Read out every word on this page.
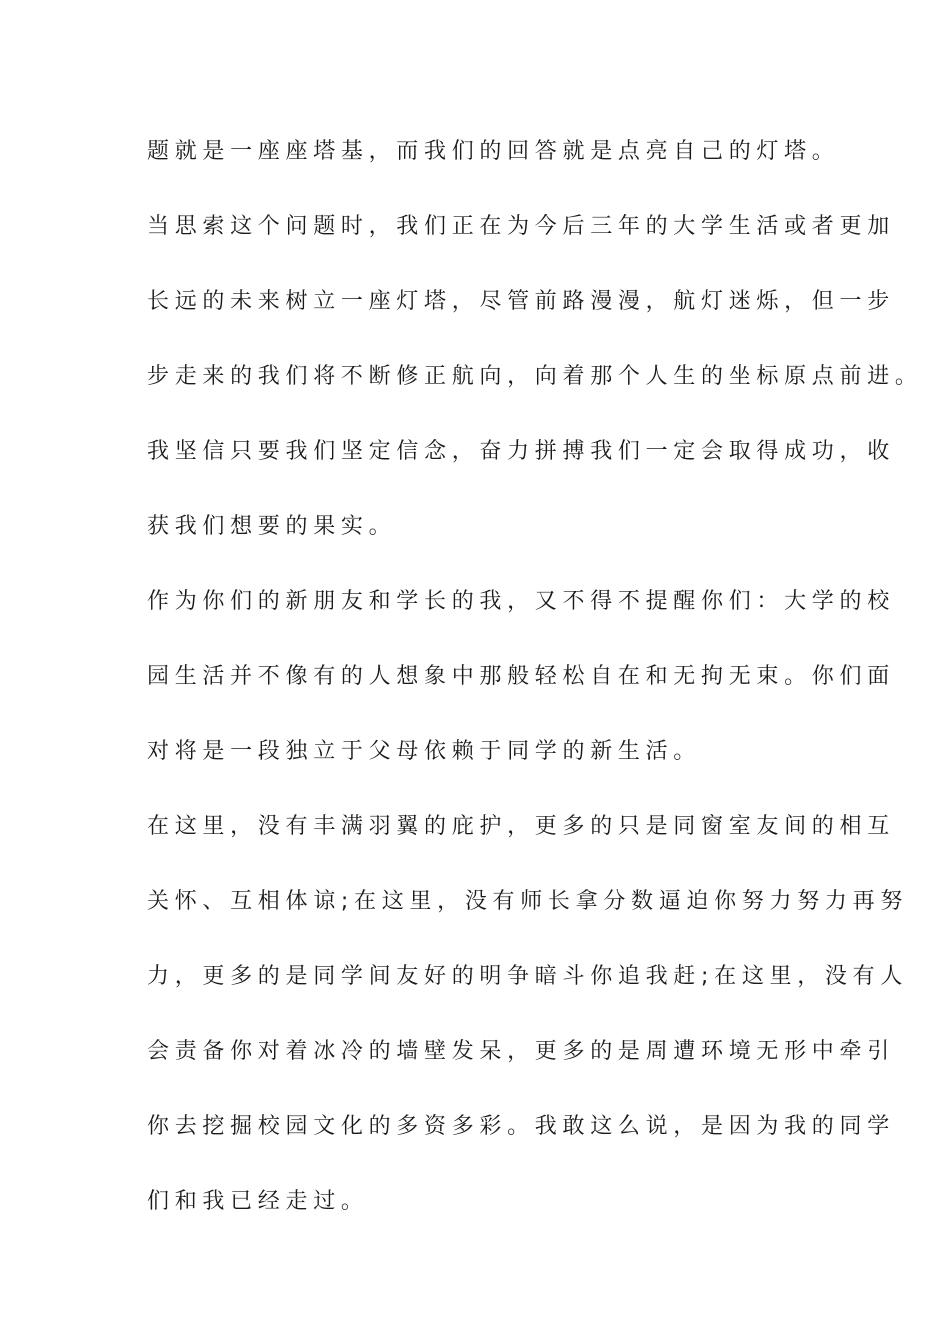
题就是一座座塔基，而我们的回答就是点亮自己的灯塔。
当思索这个问题时，我们正在为今后三年的大学生活或者更加
长远的未来树立一座灯塔，尽管前路漫漫，航灯迷烁，但一步
步走来的我们将不断修正航向，向着那个人生的坐标原点前进。
我坚信只要我们坚定信念，奋力拼搏我们一定会取得成功，收
获我们想要的果实。
作为你们的新朋友和学长的我，又不得不提醒你们：大学的校
园生活并不像有的人想象中那般轻松自在和无拘无束。你们面
对将是一段独立于父母依赖于同学的新生活。
在这里，没有丰满羽翼的庇护，更多的只是同窗室友间的相互
关怀、互相体谅;在这里，没有师长拿分数逼迫你努力努力再努
力，更多的是同学间友好的明争暗斗你追我赶;在这里，没有人
会责备你对着冰冷的墙壁发呆，更多的是周遭环境无形中牵引
你去挖掘校园文化的多资多彩。我敢这么说，是因为我的同学
们和我已经走过。
